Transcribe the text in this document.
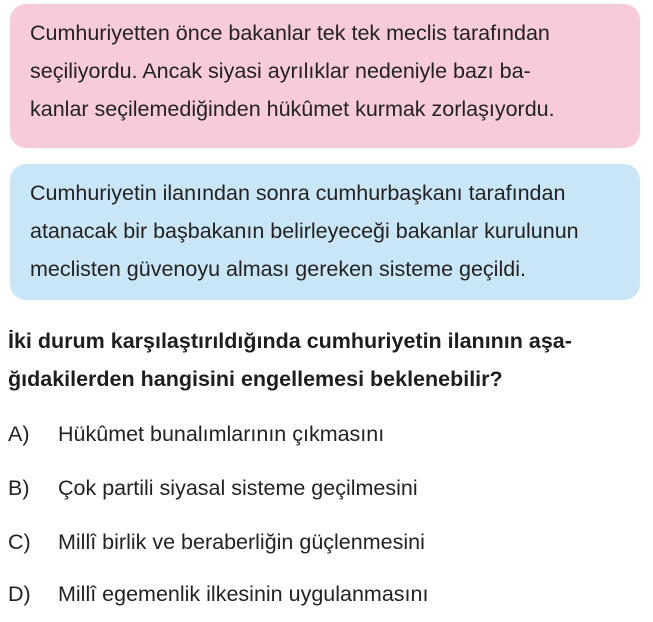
Cumhuriyetten önce bakanlar tek tek meclis tarafından
seçiliyordu. Ancak siyasi ayrılıklar nedeniyle bazı ba-
kanlar seçilemediğinden hükûmet kurmak zorlaşıyordu.
Cumhuriyetin ilanından sonra cumhurbaşkanı tarafından
atanacak bir başbakanın belirleyeceği bakanlar kurulunun
meclisten güvenoyu alması gereken sisteme geçildi.
İki durum karşılaştırıldığında cumhuriyetin ilanının aşa-
ğıdakilerden hangisini engellemesi beklenebilir?
A) Hükûmet bunalımlarının çıkmasını
B) Çok partili siyasal sisteme geçilmesini
C) Millî birlik ve beraberliğin güçlenmesini
D) Millî egemenlik ilkesinin uygulanmasını
